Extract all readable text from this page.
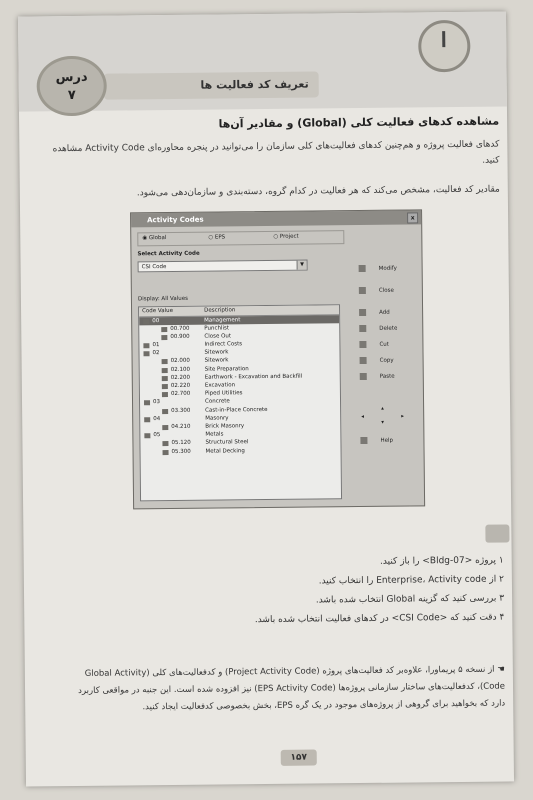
تعریف کد فعالیت ها
درس
۷
مشاهده کدهای فعالیت کلی (Global) و مقادیر آن‌ها
کدهای فعالیت پروژه و هم‌چنین کدهای فعالیت‌های کلی سازمان را می‌توانید در پنجره محاوره‌ای Activity Code مشاهده کنید.
مقادیر کد فعالیت، مشخص می‌کند که هر فعالیت در کدام گروه، دسته‌بندی و سازمان‌دهی می‌شود.
Activity Codes	x
◉ Global	○ EPS	○ Project
Select Activity Code
CSI Code	▼
Display: All Values
Code Value	Description
00	Management
00.700	Punchlist
00.900	Close Out
01	Indirect Costs
02	Sitework
02.000	Sitework
02.100	Site Preparation
02.200	Earthwork - Excavation and Backfill
02.220	Excavation
02.700	Piped Utilities
03	Concrete
03.300	Cast-in-Place Concrete
04	Masonry
04.210	Brick Masonry
05	Metals
05.120	Structural Steel
05.300	Metal Decking
Modify
Close
Add
Delete
Cut
Copy
Paste
Help
◂
▴
▾
▸
۱ پروژه <Bldg-07> را باز کنید.
۲ از Enterprise، Activity code را انتخاب کنید.
۳ بررسی کنید که گزینه Global انتخاب شده باشد.
۴ دقت کنید که <CSI Code> در کدهای فعالیت انتخاب شده باشد.
☚ از نسخه ۵ پریماورا، علاوه‌بر کد فعالیت‌های پروژه (Project Activity Code) و کدفعالیت‌های کلی (Global Activity Code)، کدفعالیت‌های ساختار سازمانی پروژه‌ها (EPS Activity Code) نیز افزوده شده است. این جنبه در مواقعی کاربرد دارد که بخواهید برای گروهی از پروژه‌های موجود در یک گره EPS، بخش بخصوصی کدفعالیت ایجاد کنید.
۱۵۷
